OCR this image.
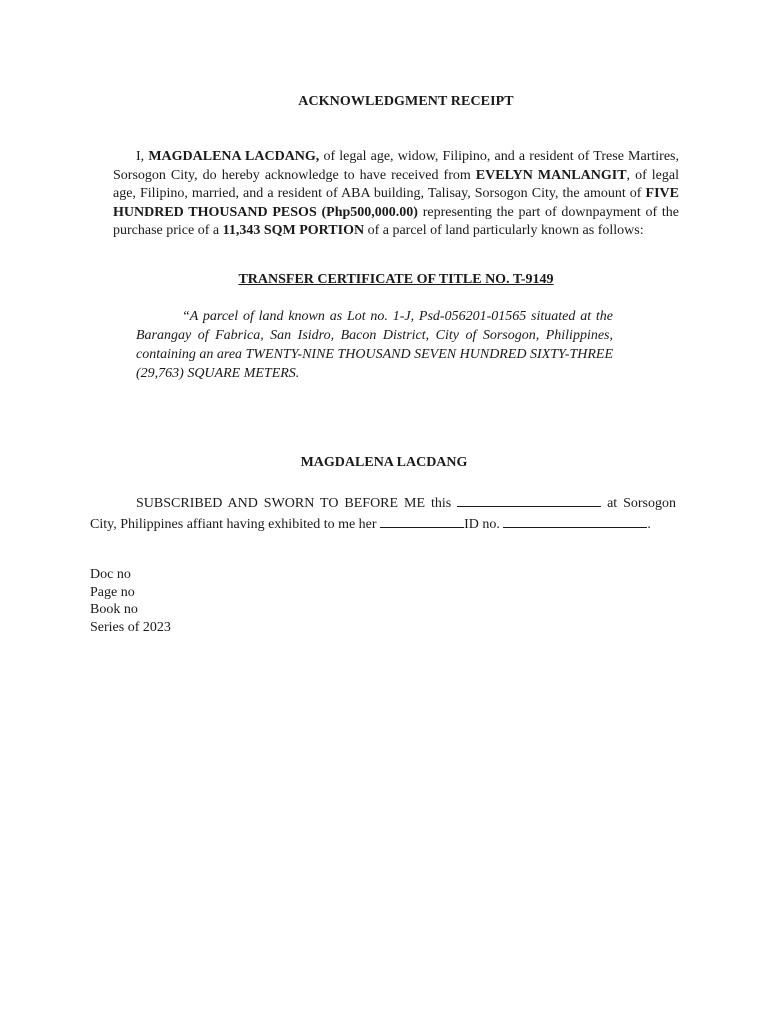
ACKNOWLEDGMENT RECEIPT
I, MAGDALENA LACDANG, of legal age, widow, Filipino, and a resident of Trese Martires, Sorsogon City, do hereby acknowledge to have received from EVELYN MANLANGIT, of legal age, Filipino, married, and a resident of ABA building, Talisay, Sorsogon City, the amount of FIVE HUNDRED THOUSAND PESOS (Php500,000.00) representing the part of downpayment of the purchase price of a 11,343 SQM PORTION of a parcel of land particularly known as follows:
TRANSFER CERTIFICATE OF TITLE NO. T-9149
“A parcel of land known as Lot no. 1-J, Psd-056201-01565 situated at the Barangay of Fabrica, San Isidro, Bacon District, City of Sorsogon, Philippines, containing an area TWENTY-NINE THOUSAND SEVEN HUNDRED SIXTY-THREE (29,763) SQUARE METERS.
MAGDALENA LACDANG
SUBSCRIBED AND SWORN TO BEFORE ME this	at Sorsogon City, Philippines affiant having exhibited to me her	ID no.	.
Doc no
Page no
Book no
Series of 2023
